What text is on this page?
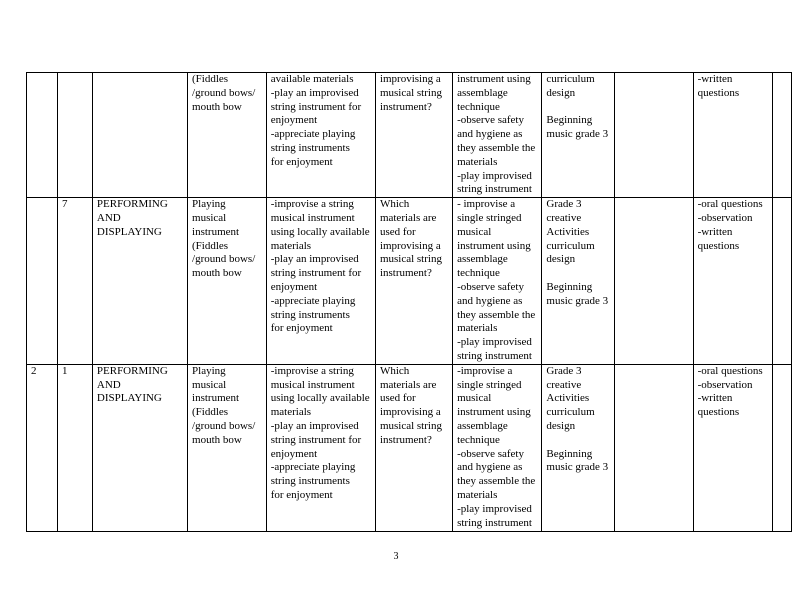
			(Fiddles
/ground bows/
mouth bow	available materials
-play an improvised string instrument for enjoyment
-appreciate playing string instruments
for enjoyment	improvising a musical string instrument?	instrument using assemblage technique
-observe safety and hygiene as they assemble the materials
-play improvised string instrument	curriculum design

Beginning music grade 3		-written questions	
	7	PERFORMING AND DISPLAYING	Playing musical instrument (Fiddles /ground bows/ mouth bow	-improvise a string musical instrument using locally available materials
-play an improvised string instrument for enjoyment
-appreciate playing string instruments
for enjoyment	Which materials are used for improvising a musical string instrument?	- improvise a single stringed musical instrument using assemblage technique
-observe safety and hygiene as they assemble the materials
-play improvised string instrument	Grade 3 creative Activities curriculum design

Beginning music grade 3		-oral questions
-observation
-written questions	
2	1	PERFORMING AND DISPLAYING	Playing musical instrument (Fiddles /ground bows/ mouth bow	-improvise a string musical instrument using locally available materials
-play an improvised string instrument for enjoyment
-appreciate playing string instruments
for enjoyment	Which materials are used for improvising a musical string instrument?	-improvise a single stringed musical instrument using assemblage technique
-observe safety and hygiene as they assemble the materials
-play improvised string instrument	Grade 3 creative Activities curriculum design

Beginning music grade 3		-oral questions
-observation
-written questions	
3
